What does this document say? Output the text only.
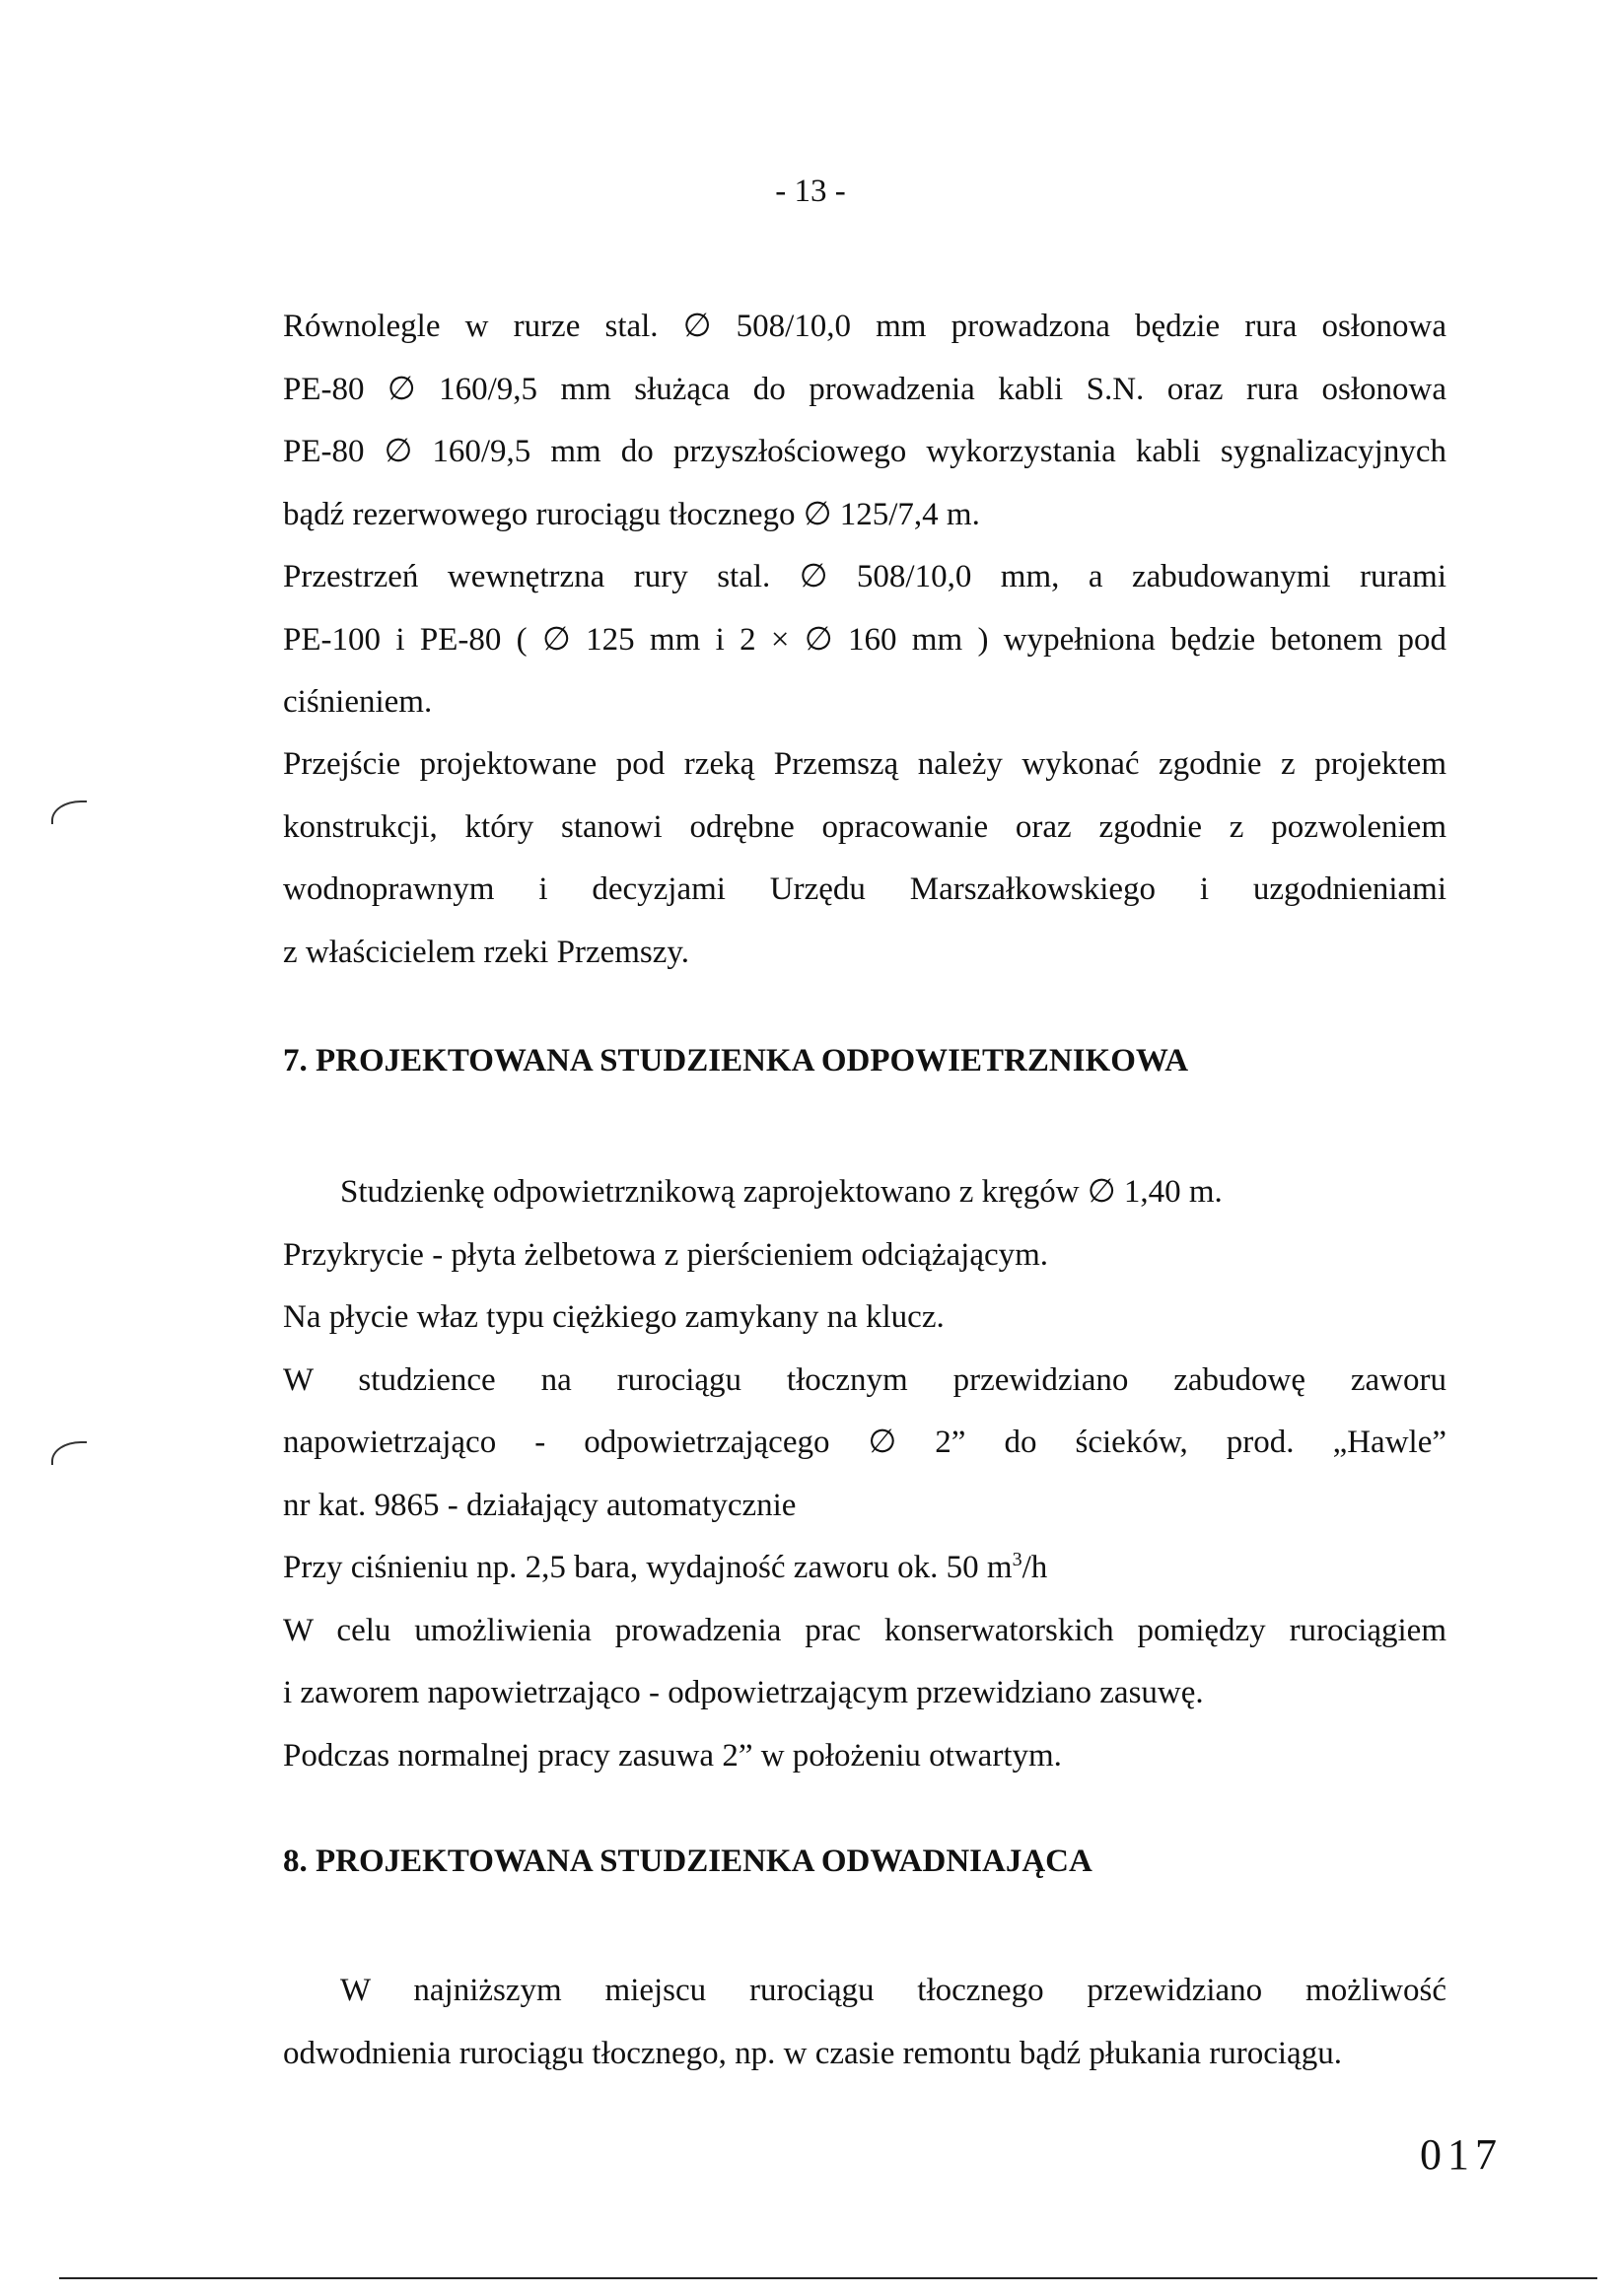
- 13 -
Równolegle w rurze stal. ∅ 508/10,0 mm prowadzona będzie rura osłonowa
PE-80 ∅ 160/9,5 mm służąca do prowadzenia kabli S.N. oraz rura osłonowa
PE-80 ∅ 160/9,5 mm do przyszłościowego wykorzystania kabli sygnalizacyjnych
bądź rezerwowego rurociągu tłocznego ∅ 125/7,4 m.
Przestrzeń wewnętrzna rury stal. ∅ 508/10,0 mm, a zabudowanymi rurami
PE-100 i PE-80 ( ∅ 125 mm i 2 × ∅ 160 mm ) wypełniona będzie betonem pod
ciśnieniem.
Przejście projektowane pod rzeką Przemszą należy wykonać zgodnie z projektem
konstrukcji, który stanowi odrębne opracowanie oraz zgodnie z pozwoleniem
wodnoprawnym i decyzjami Urzędu Marszałkowskiego i uzgodnieniami
z właścicielem rzeki Przemszy.
7. PROJEKTOWANA STUDZIENKA ODPOWIETRZNIKOWA
Studzienkę odpowietrznikową zaprojektowano z kręgów ∅ 1,40 m.
Przykrycie - płyta żelbetowa z pierścieniem odciążającym.
Na płycie właz typu ciężkiego zamykany na klucz.
W studzience na rurociągu tłocznym przewidziano zabudowę zaworu
napowietrzająco - odpowietrzającego ∅ 2” do ścieków, prod. „Hawle”
nr kat. 9865 - działający automatycznie
Przy ciśnieniu np. 2,5 bara, wydajność zaworu ok. 50 $m^3/h$
W celu umożliwienia prowadzenia prac konserwatorskich pomiędzy rurociągiem
i zaworem napowietrzająco - odpowietrzającym przewidziano zasuwę.
Podczas normalnej pracy zasuwa 2” w położeniu otwartym.
8. PROJEKTOWANA STUDZIENKA ODWADNIAJĄCA
W najniższym miejscu rurociągu tłocznego przewidziano możliwość
odwodnienia rurociągu tłocznego, np. w czasie remontu bądź płukania rurociągu.
017
